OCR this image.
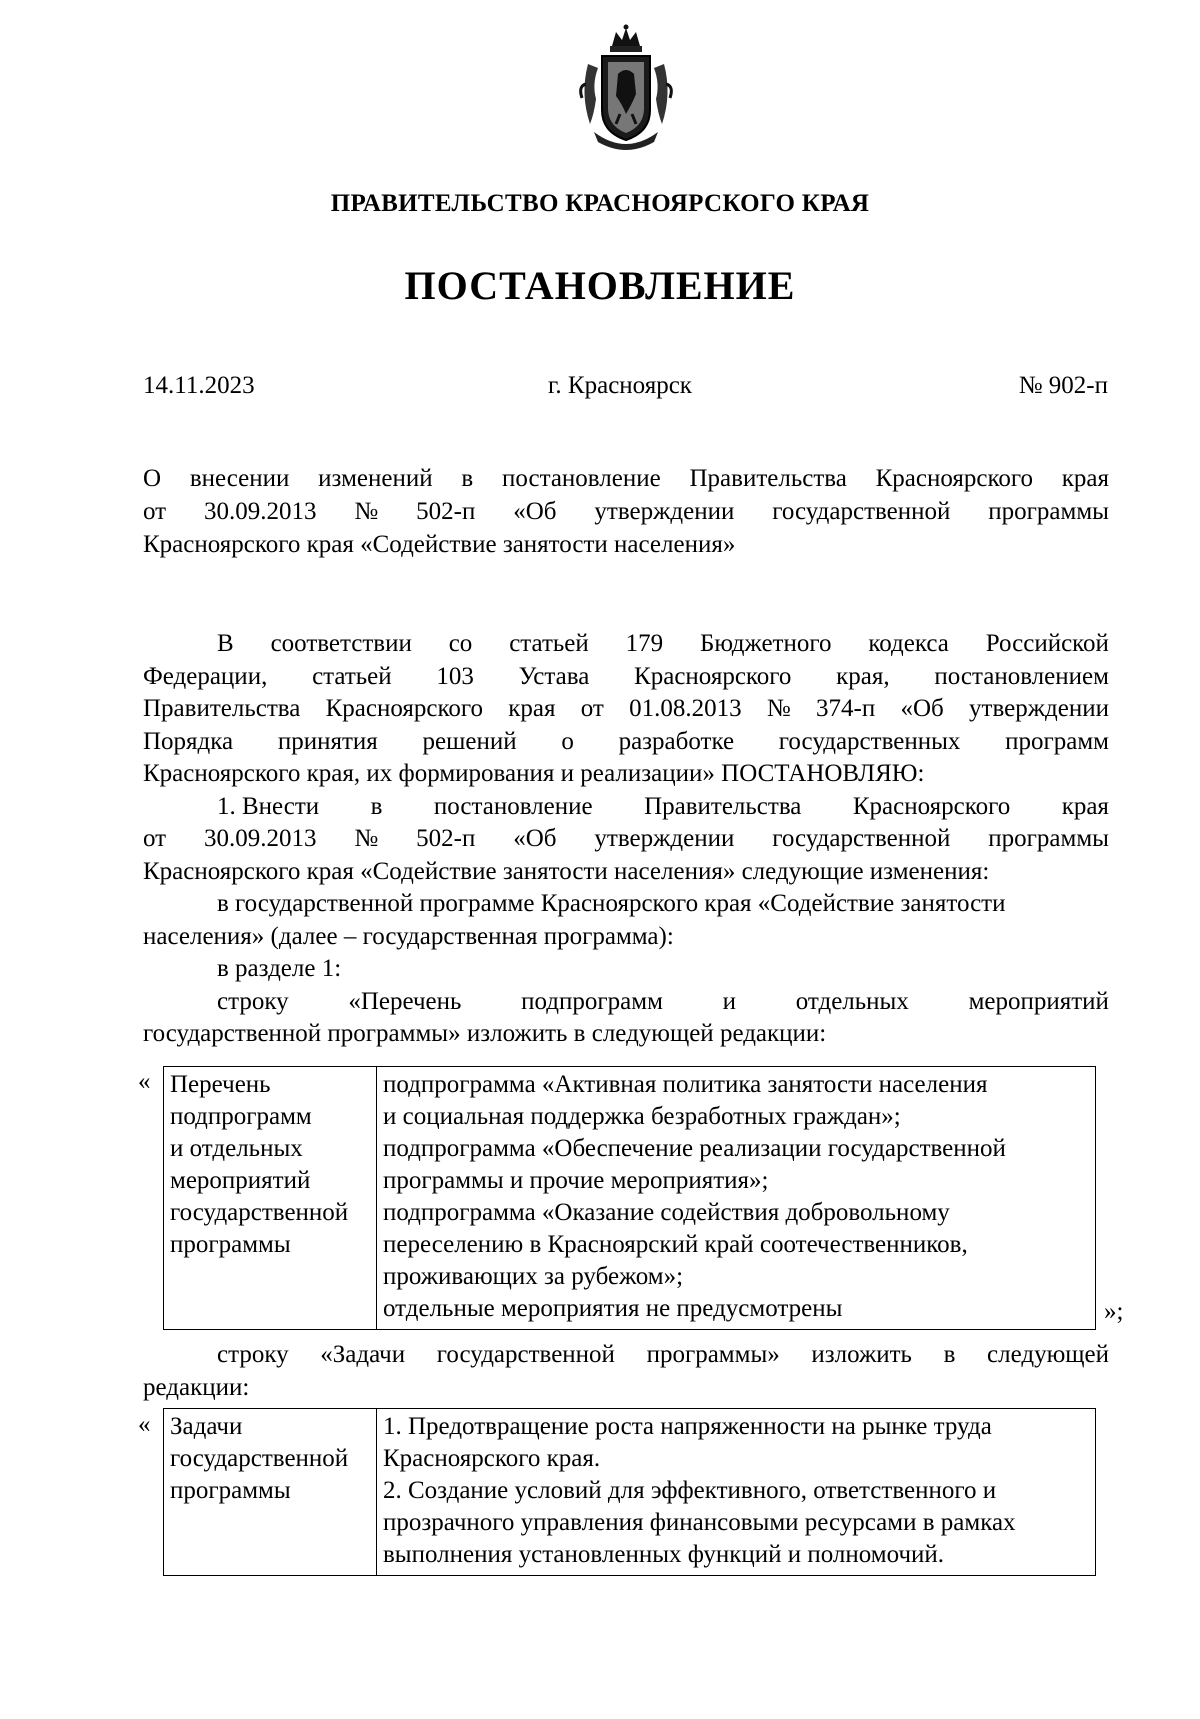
ПРАВИТЕЛЬСТВО КРАСНОЯРСКОГО КРАЯ
ПОСТАНОВЛЕНИЕ
14.11.2023	г. Красноярск	№ 902-п
О внесении изменений в постановление Правительства Красноярского края
от 30.09.2013 № 502-п «Об утверждении государственной программы
Красноярского края «Содействие занятости населения»
В соответствии со статьей 179 Бюджетного кодекса Российской
Федерации, статьей 103 Устава Красноярского края, постановлением
Правительства Красноярского края от 01.08.2013 № 374-п «Об утверждении
Порядка принятия решений о разработке государственных программ
Красноярского края, их формирования и реализации» ПОСТАНОВЛЯЮ:
1. Внести в постановление Правительства Красноярского края
от 30.09.2013 № 502-п «Об утверждении государственной программы
Красноярского края «Содействие занятости населения» следующие изменения:
в государственной программе Красноярского края «Содействие занятости
населения» (далее – государственная программа):
в разделе 1:
строку «Перечень подпрограмм и отдельных мероприятий
государственной программы» изложить в следующей редакции:
« Перечень
подпрограмм
и отдельных
мероприятий
государственной
программы

подпрограмма «Активная политика занятости населения
и социальная поддержка безработных граждан»;
подпрограмма «Обеспечение реализации государственной
программы и прочие мероприятия»;
подпрограмма «Оказание содействия добровольному
переселению в Красноярский край соотечественников,
проживающих за рубежом»;
отдельные мероприятия не предусмотрены	»;
строку «Задачи государственной программы» изложить в следующей
редакции:
« Задачи
государственной
программы

1. Предотвращение роста напряженности на рынке труда
Красноярского края.
2. Создание условий для эффективного, ответственного и
прозрачного управления финансовыми ресурсами в рамках
выполнения установленных функций и полномочий.
